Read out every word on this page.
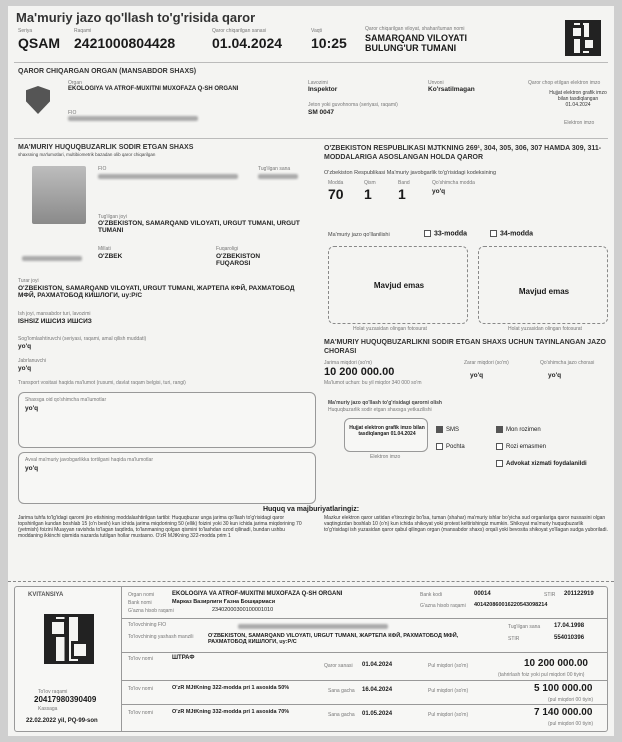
Ma'muriy jazo qo'llash to'g'risida qaror
Seriya
QSAM
Raqami
2421000804428
Qaror chiqarilgan sanasi
01.04.2024
Vaqti
10:25
Qaror chiqarilgan viloyat, shahar/tuman nomi
SAMARQAND VILOYATI BULUNG'UR TUMANI
QAROR CHIQARGAN ORGAN (MANSABDOR SHAXS)
Organ
EKOLOGIYA VA ATROF-MUXITNI MUXOFAZA Q-SH ORGANI
FIO
Lavozimi
Inspektor
Unvoni
Ko'rsatilmagan
Jeton yoki guvohnoma (seriyasi, raqami)
SM 0047
Qaror chop etilgan elektron imzo
Hujjat elektron grafik imzo bilan tasdiqlangan 01.04.2024
Elektron imzo
MA'MURIY HUQUQBUZARLIK SODIR ETGAN SHAXS
shaxsning ma'lumotlari, multibiometrik bazadan olib qaror chiqarilgan
FIO	Tug'ilgan sana
Tug'ilgan joyi
O'ZBEKISTON, SAMARQAND VILOYATI, URGUT TUMANI, URGUT TUMANI
Millati
O'ZBEK
Fuqaroligi
O'ZBEKISTON FUQAROSI
Turar joyi
O'ZBEKISTON, SAMARQAND VILOYATI, URGUT TUMANI, ЖАРТЕПА КФЙ, РАХМАТОБОД МФЙ, РАХМАТОБОД КИШЛОГИ, uy:P/C
Ish joyi, mansabdor turi, lavozimi
ISHSIZ ИШСИЗ ИШСИЗ
Sog'lomlashtiruvchi (seriyasi, raqami, amal qilish muddati)
yo'q
Jabrlanuvchi
yo'q
Transport vositasi haqida ma'lumot (rusumi, davlat raqam belgisi, turi, rangi)
Shaxsga oid qo'shimcha ma'lumotlar
yo'q
Avval ma'muriy javobgarlikka tortilgani haqida ma'lumotlar
yo'q
O'ZBEKISTON RESPUBLIKASI MJTKNING 269¹, 304, 305, 306, 307 HAMDA 309, 311-MODDALARIGA ASOSLANGAN HOLDA QAROR
O'zbekiston Respublikasi Ma'muriy javobgarlik to'g'risidagi kodeksining
Modda
70
Qism
1
Band
1
Qo'shimcha modda
yo'q
Ma'muriy jazo qo'llanilishi	33-modda	34-modda
Mavjud emas
Holat yuzasidan olingan fotosurat
Mavjud emas
Holat yuzasidan olingan fotosurat
MA'MURIY HUQUQBUZARLIKNI SODIR ETGAN SHAXS UCHUN TAYINLANGAN JAZO CHORASI
Jarima miqdori (so'm)
10 200 000.00
Ma'lumot uchun: bu yil miqdor 340 000 so'm
Zarar miqdori (so'm)
yo'q
Qo'shimcha jazo chorasi
yo'q
Ma'muriy jazo qo'llash to'g'risidagi qarorni olish
Huquqbuzarlik sodir etgan shaxsga yetkazilishi
Hujjat elektron grafik imzo bilan tasdiqlangan 01.04.2024
Elektron imzo
SMS
Pochta
Mon rozimen
Rozi emasmen
Advokat xizmati foydalanildi
Huquq va majburiyatlaringiz:
Jarima tuhfa to'lg'idagi qarorni jiro etishining moddalashtirilgan tartibi: Huquqbuzar unga jarima qo'llash to'g'risidagi qaror topshirilgan kundan boshlab 15 (o'n besh) kun ichida jarima miqdorining 50 (ellik) foizini yoki 30 kun ichida jarima miqdorining 70 (yetmish) foizini Muayyan ravishda to'lagan taqdirda, to'lanmaning qolgan qismini to'lashdan ozod qilinadi, bundan ushbu moddaning ikkinchi qismida nazarda tutilgan hollar mustasno. O'zR MJtKning 322-modda prim 1
Mazkur elektron qaror ustidan e'tirozingiz bo'lsa, tuman (shahar) ma'muriy ishlar bo'yicha sud organlariga qaror nusxasini olgan vaqtingizdan boshlab 10 (o'n) kun ichida shikoyat yoki protest keltirishingiz mumkin. Shikoyat ma'muriy huquqbuzarlik to'g'risidagi ish yuzasidan qaror qabul qilingan organ (mansabdor shaxs) orqali yoki bevosita shikoyat yo'llagan sudga yuboriladi.
KVITANSIYA
To'lov raqami
20417980390409
Kassaga
22.02.2022 yil, PQ-99-son
Organ nomi	EKOLOGIYA VA ATROF-MUXITNI MUXOFAZA Q-SH ORGANI
Bank nomi	Марказ Вазирлиги Ғазна Бошқармаси
G'azna hisob raqami	23402000300100001010
Bank kodi	00014	STIR 201122919
G'azna hisob raqami 401420860016220543098214
To'lovchining FIO
To'lovchining yashash manzili	O'ZBEKISTON, SAMARQAND VILOYATI, URGUT TUMANI, ЖАРТЕПА КФЙ, РАХМАТОБОД МФЙ, РАХМАТОБОД КИШЛОГИ, uy:P/C
Tug'ilgan sana 17.04.1998
STIR	554010396
To'lov nomi	ШТРАФ
Qaror sanasi 01.04.2024	Pul miqdori (so'm)	10 200 000.00
(tahrirlash foiz yoki pul miqdori 00 tiyin)
To'lov nomi	O'zR MJtKning 322-modda pri 1 asosida 50%	Sana gacha 16.04.2024	Pul miqdori (so'm)	5 100 000.00
(pul miqdori 00 tiyin)
To'lov nomi	O'zR MJtKning 332-modda pri 1 asosida 70%	Sana gacha 01.05.2024	Pul miqdori (so'm)	7 140 000.00
(pul miqdori 00 tiyin)
